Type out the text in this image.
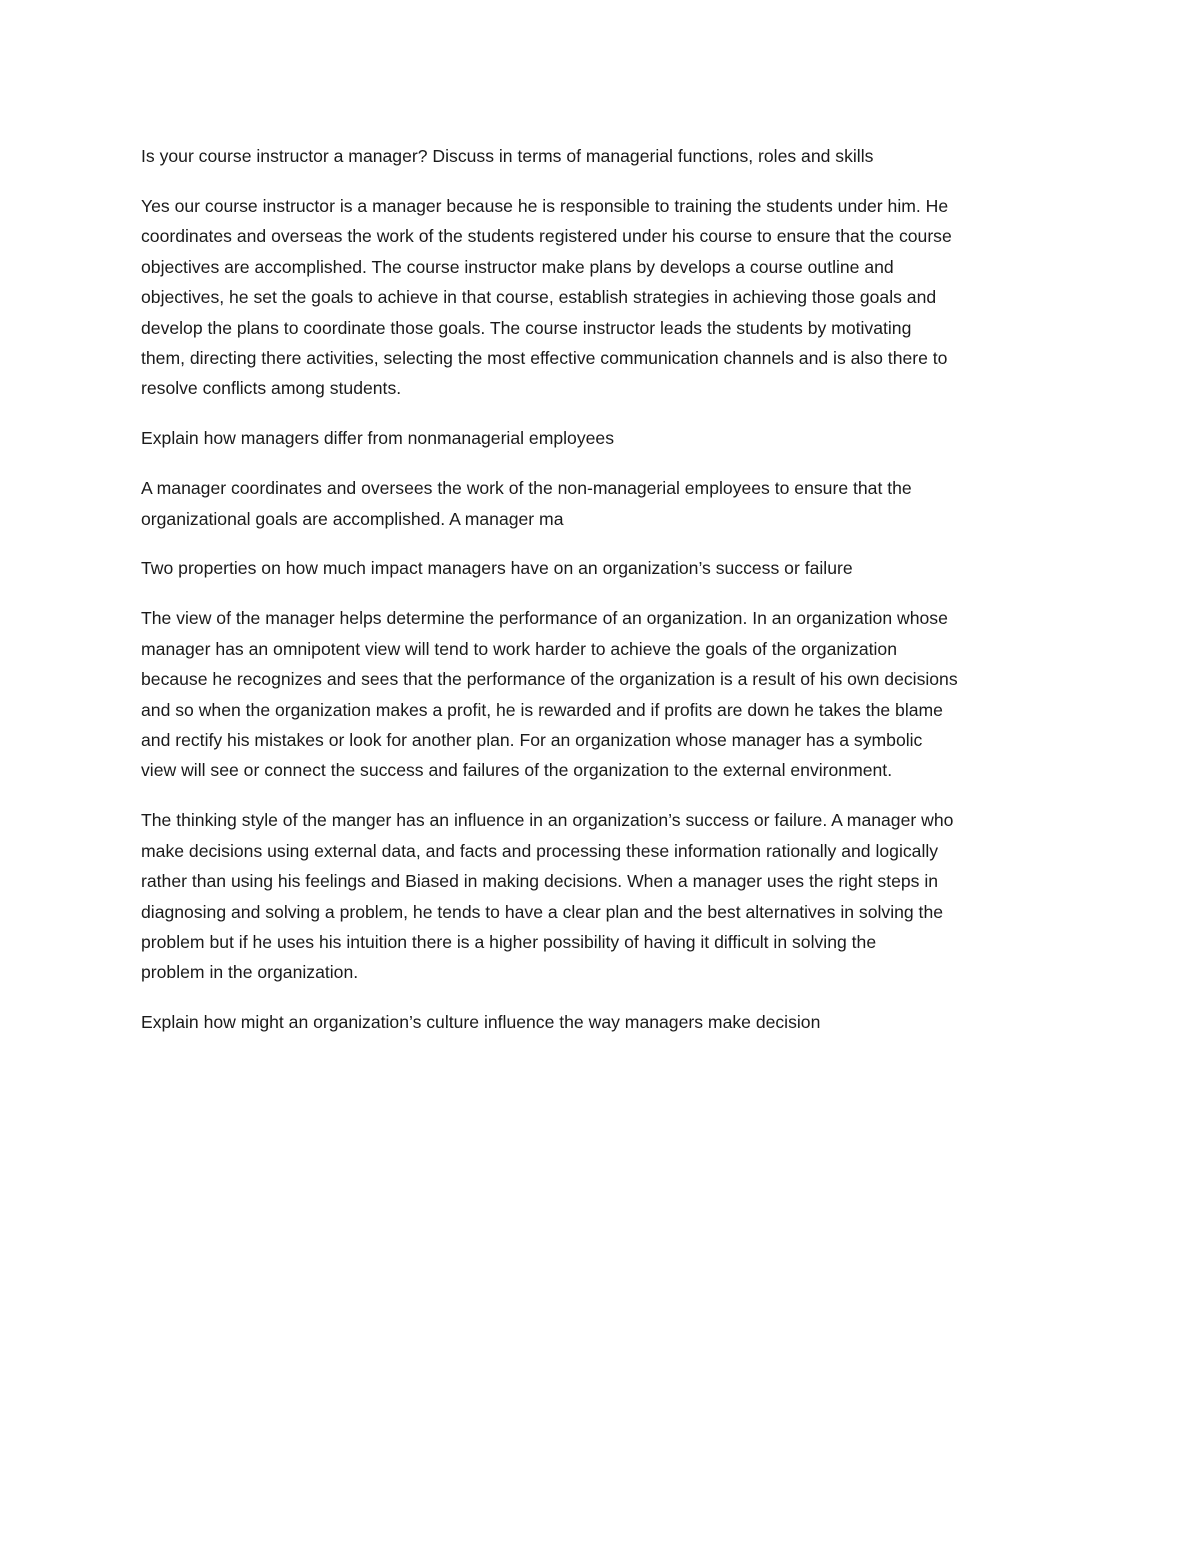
Is your course instructor a manager? Discuss in terms of managerial functions, roles and skills

Yes our course instructor is a manager because he is responsible to training the students under him. He
coordinates and overseas the work of the students registered under his course to ensure that the course
objectives are accomplished. The course instructor make plans by develops a course outline and
objectives, he set the goals to achieve in that course, establish strategies in achieving those goals and
develop the plans to coordinate those goals. The course instructor leads the students by motivating
them, directing there activities, selecting the most effective communication channels and is also there to
resolve conflicts among students.

Explain how managers differ from nonmanagerial employees

A manager coordinates and oversees the work of the non-managerial employees to ensure that the
organizational goals are accomplished. A manager ma

Two properties on how much impact managers have on an organization’s success or failure

The view of the manager helps determine the performance of an organization. In an organization whose
manager has an omnipotent view will tend to work harder to achieve the goals of the organization
because he recognizes and sees that the performance of the organization is a result of his own decisions
and so when the organization makes a profit, he is rewarded and if profits are down he takes the blame
and rectify his mistakes or look for another plan. For an organization whose manager has a symbolic
view will see or connect the success and failures of the organization to the external environment.

The thinking style of the manger has an influence in an organization’s success or failure. A manager who
make decisions using external data, and facts and processing these information rationally and logically
rather than using his feelings and Biased in making decisions. When a manager uses the right steps in
diagnosing and solving a problem, he tends to have a clear plan and the best alternatives in solving the
problem but if he uses his intuition there is a higher possibility of having it difficult in solving the
problem in the organization.

Explain how might an organization’s culture influence the way managers make decision
